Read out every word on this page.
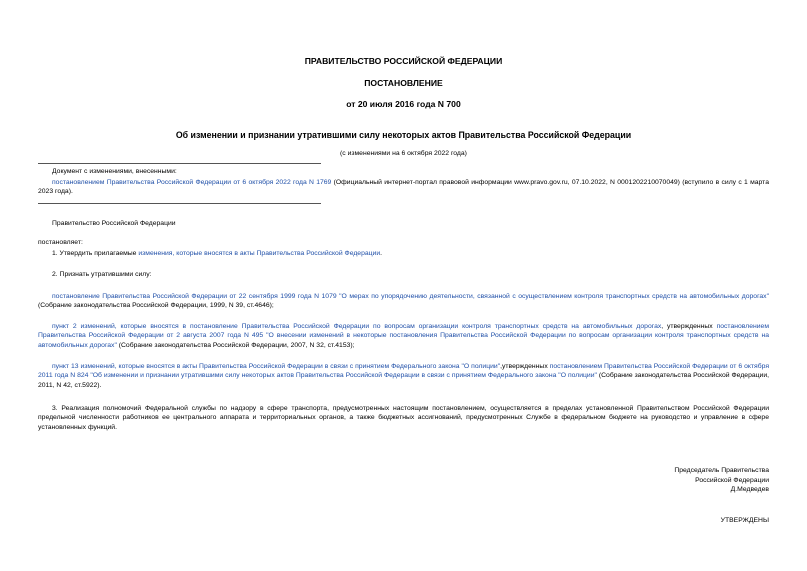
ПРАВИТЕЛЬСТВО РОССИЙСКОЙ ФЕДЕРАЦИИ
ПОСТАНОВЛЕНИЕ
от 20 июля 2016 года N 700
Об изменении и признании утратившими силу некоторых актов Правительства Российской Федерации
(с изменениями на 6 октября 2022 года)
Документ с изменениями, внесенными:
постановлением Правительства Российской Федерации от 6 октября 2022 года N 1769 (Официальный интернет-портал правовой информации www.pravo.gov.ru, 07.10.2022, N 0001202210070049) (вступило в силу с 1 марта 2023 года).
Правительство Российской Федерации
постановляет:
1. Утвердить прилагаемые изменения, которые вносятся в акты Правительства Российской Федерации.
2. Признать утратившими силу:
постановление Правительства Российской Федерации от 22 сентября 1999 года N 1079 "О мерах по упорядочению деятельности, связанной с осуществлением контроля транспортных средств на автомобильных дорогах" (Собрание законодательства Российской Федерации, 1999, N 39, ст.4646);
пункт 2 изменений, которые вносятся в постановление Правительства Российской Федерации по вопросам организации контроля транспортных средств на автомобильных дорогах, утвержденных постановлением Правительства Российской Федерации от 2 августа 2007 года N 495 "О внесении изменений в некоторые постановления Правительства Российской Федерации по вопросам организации контроля транспортных средств на автомобильных дорогах" (Собрание законодательства Российской Федерации, 2007, N 32, ст.4153);
пункт 13 изменений, которые вносятся в акты Правительства Российской Федерации в связи с принятием Федерального закона "О полиции",утвержденных постановлением Правительства Российской Федерации от 6 октября 2011 года N 824 "Об изменении и признании утратившими силу некоторых актов Правительства Российской Федерации в связи с принятием Федерального закона "О полиции" (Собрание законодательства Российской Федерации, 2011, N 42, ст.5922).
3. Реализация полномочий Федеральной службы по надзору в сфере транспорта, предусмотренных настоящим постановлением, осуществляется в пределах установленной Правительством Российской Федерации предельной численности работников ее центрального аппарата и территориальных органов, а также бюджетных ассигнований, предусмотренных Службе в федеральном бюджете на руководство и управление в сфере установленных функций.
Председатель Правительства
Российской Федерации
Д.Медведев
УТВЕРЖДЕНЫ
